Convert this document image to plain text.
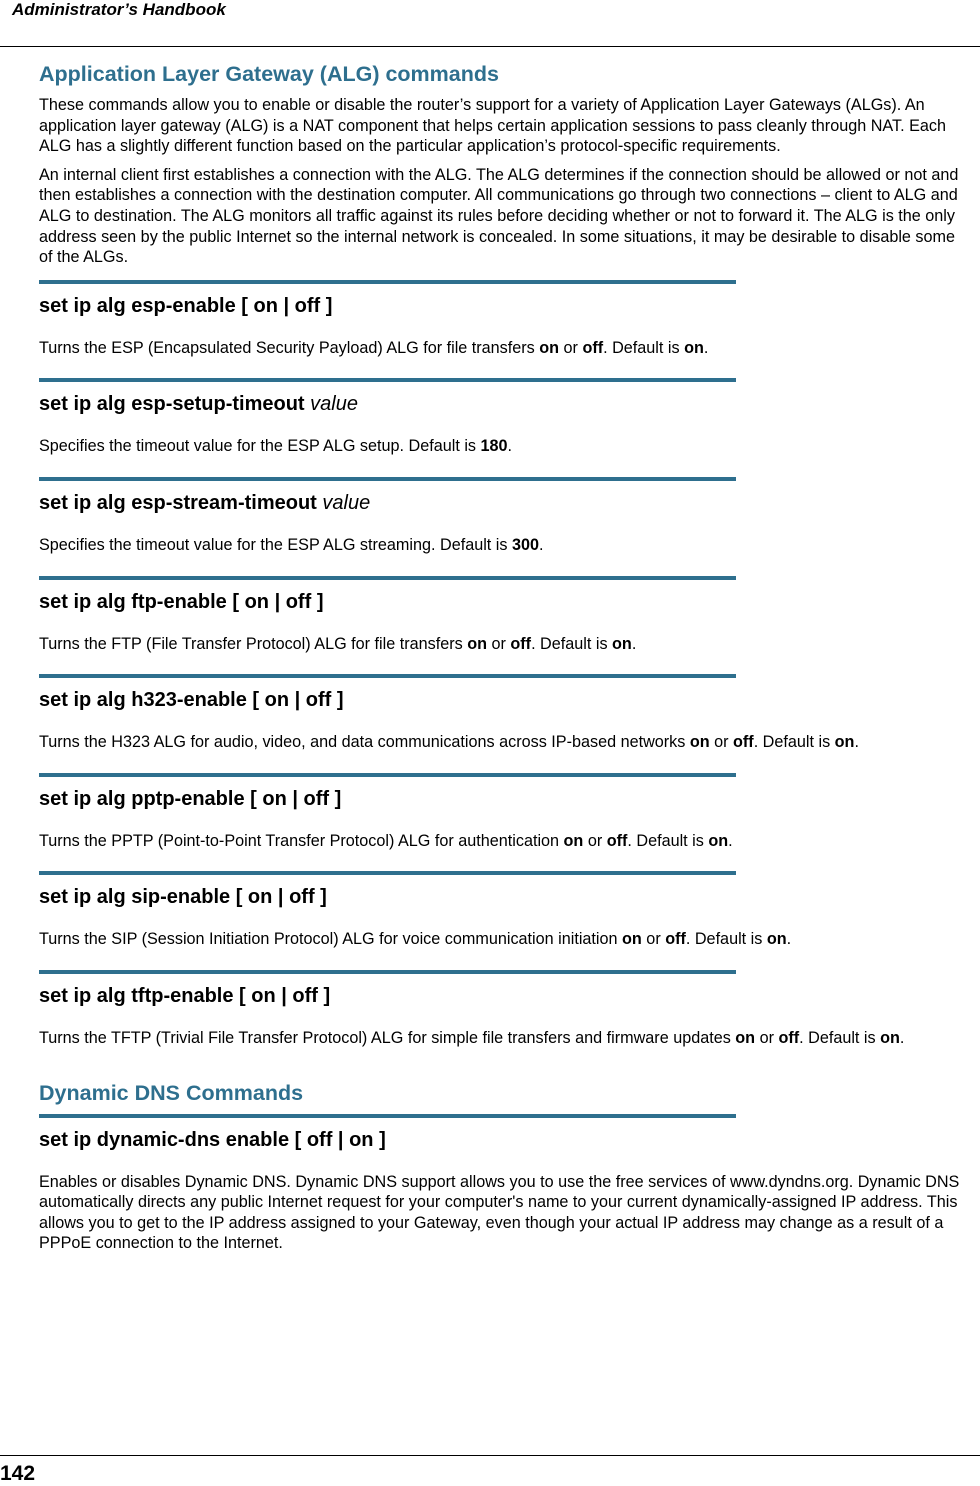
Administrator’s Handbook
Application Layer Gateway (ALG) commands

These commands allow you to enable or disable the router’s support for a variety of Application Layer Gateways (ALGs). An application layer gateway (ALG) is a NAT component that helps certain application sessions to pass cleanly through NAT. Each ALG has a slightly different function based on the particular application’s protocol-specific requirements.

An internal client first establishes a connection with the ALG. The ALG determines if the connection should be allowed or not and then establishes a connection with the destination computer. All communications go through two connections – client to ALG and ALG to destination. The ALG monitors all traffic against its rules before deciding whether or not to forward it. The ALG is the only address seen by the public Internet so the internal network is concealed. In some situations, it may be desirable to disable some of the ALGs.

set ip alg esp-enable [ on | off ]
Turns the ESP (Encapsulated Security Payload) ALG for file transfers on or off. Default is on.
set ip alg esp-setup-timeout value
Specifies the timeout value for the ESP ALG setup. Default is 180.
set ip alg esp-stream-timeout value
Specifies the timeout value for the ESP ALG streaming. Default is 300.
set ip alg ftp-enable [ on | off ]
Turns the FTP (File Transfer Protocol) ALG for file transfers on or off. Default is on.
set ip alg h323-enable [ on | off ]
Turns the H323 ALG for audio, video, and data communications across IP-based networks on or off. Default is on.
set ip alg pptp-enable [ on | off ]
Turns the PPTP (Point-to-Point Transfer Protocol) ALG for authentication on or off. Default is on.
set ip alg sip-enable [ on | off ]
Turns the SIP (Session Initiation Protocol) ALG for voice communication initiation on or off. Default is on.
set ip alg tftp-enable [ on | off ]
Turns the TFTP (Trivial File Transfer Protocol) ALG for simple file transfers and firmware updates on or off. Default is on.
Dynamic DNS Commands
set ip dynamic-dns enable [ off | on ]
Enables or disables Dynamic DNS. Dynamic DNS support allows you to use the free services of www.dyndns.org. Dynamic DNS automatically directs any public Internet request for your computer's name to your current dynamically-assigned IP address. This allows you to get to the IP address assigned to your Gateway, even though your actual IP address may change as a result of a PPPoE connection to the Internet.
142
